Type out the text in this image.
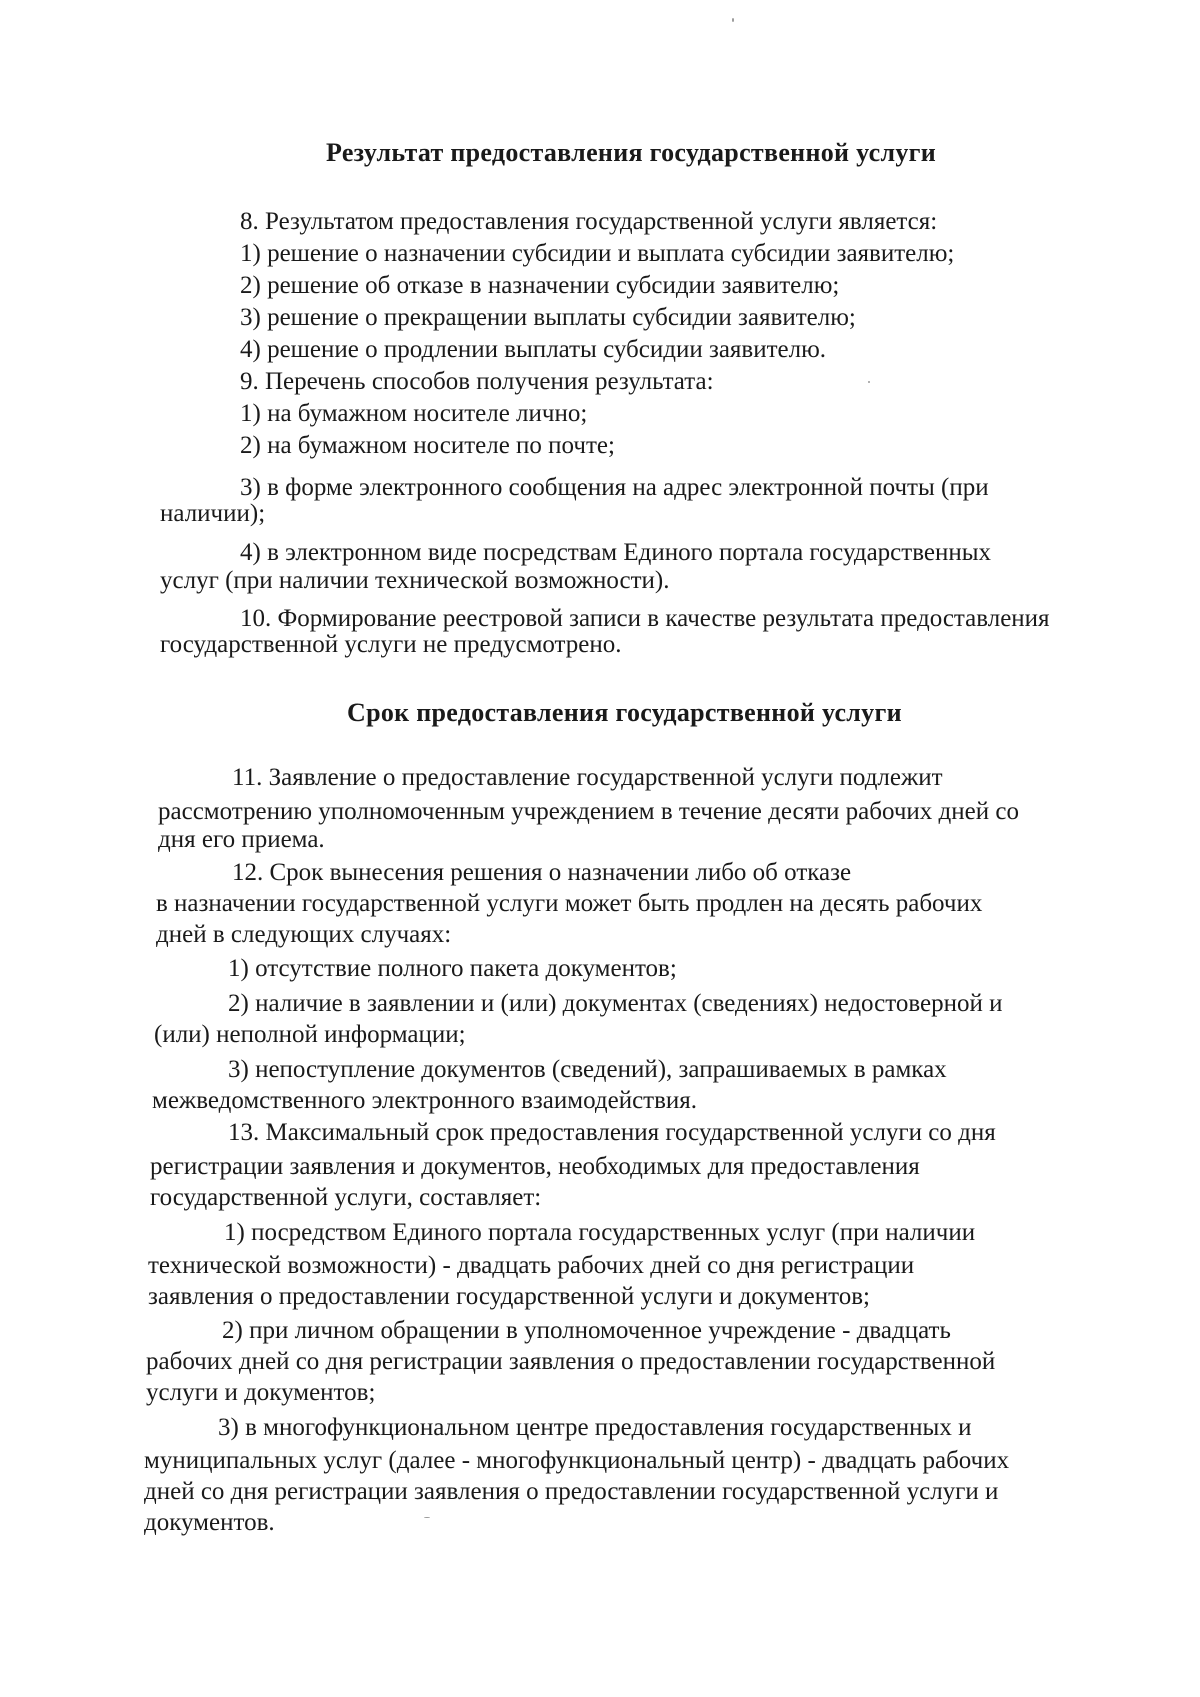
Результат предоставления государственной услуги
8. Результатом предоставления государственной услуги является:
1) решение о назначении субсидии и выплата субсидии заявителю;
2) решение об отказе в назначении субсидии заявителю;
3) решение о прекращении выплаты субсидии заявителю;
4) решение о продлении выплаты субсидии заявителю.
9. Перечень способов получения результата:
1) на бумажном носителе лично;
2) на бумажном носителе по почте;
3) в форме электронного сообщения на адрес электронной почты (при
наличии);
4) в электронном виде посредствам Единого портала государственных
услуг (при наличии технической возможности).
10. Формирование реестровой записи в качестве результата предоставления
государственной услуги не предусмотрено.
Срок предоставления государственной услуги
11. Заявление о предоставление государственной услуги подлежит
рассмотрению уполномоченным учреждением в течение десяти рабочих дней со
дня его приема.
12. Срок вынесения решения о назначении либо об отказе
в назначении государственной услуги может быть продлен на десять рабочих
дней в следующих случаях:
1) отсутствие полного пакета документов;
2) наличие в заявлении и (или) документах (сведениях) недостоверной и
(или) неполной информации;
3) непоступление документов (сведений), запрашиваемых в рамках
межведомственного электронного взаимодействия.
13. Максимальный срок предоставления государственной услуги со дня
регистрации заявления и документов, необходимых для предоставления
государственной услуги, составляет:
1) посредством Единого портала государственных услуг (при наличии
технической возможности) - двадцать рабочих дней со дня регистрации
заявления о предоставлении государственной услуги и документов;
2) при личном обращении в уполномоченное учреждение - двадцать
рабочих дней со дня регистрации заявления о предоставлении государственной
услуги и документов;
3) в многофункциональном центре предоставления государственных и
муниципальных услуг (далее - многофункциональный центр) - двадцать рабочих
дней со дня регистрации заявления о предоставлении государственной услуги и
документов.
